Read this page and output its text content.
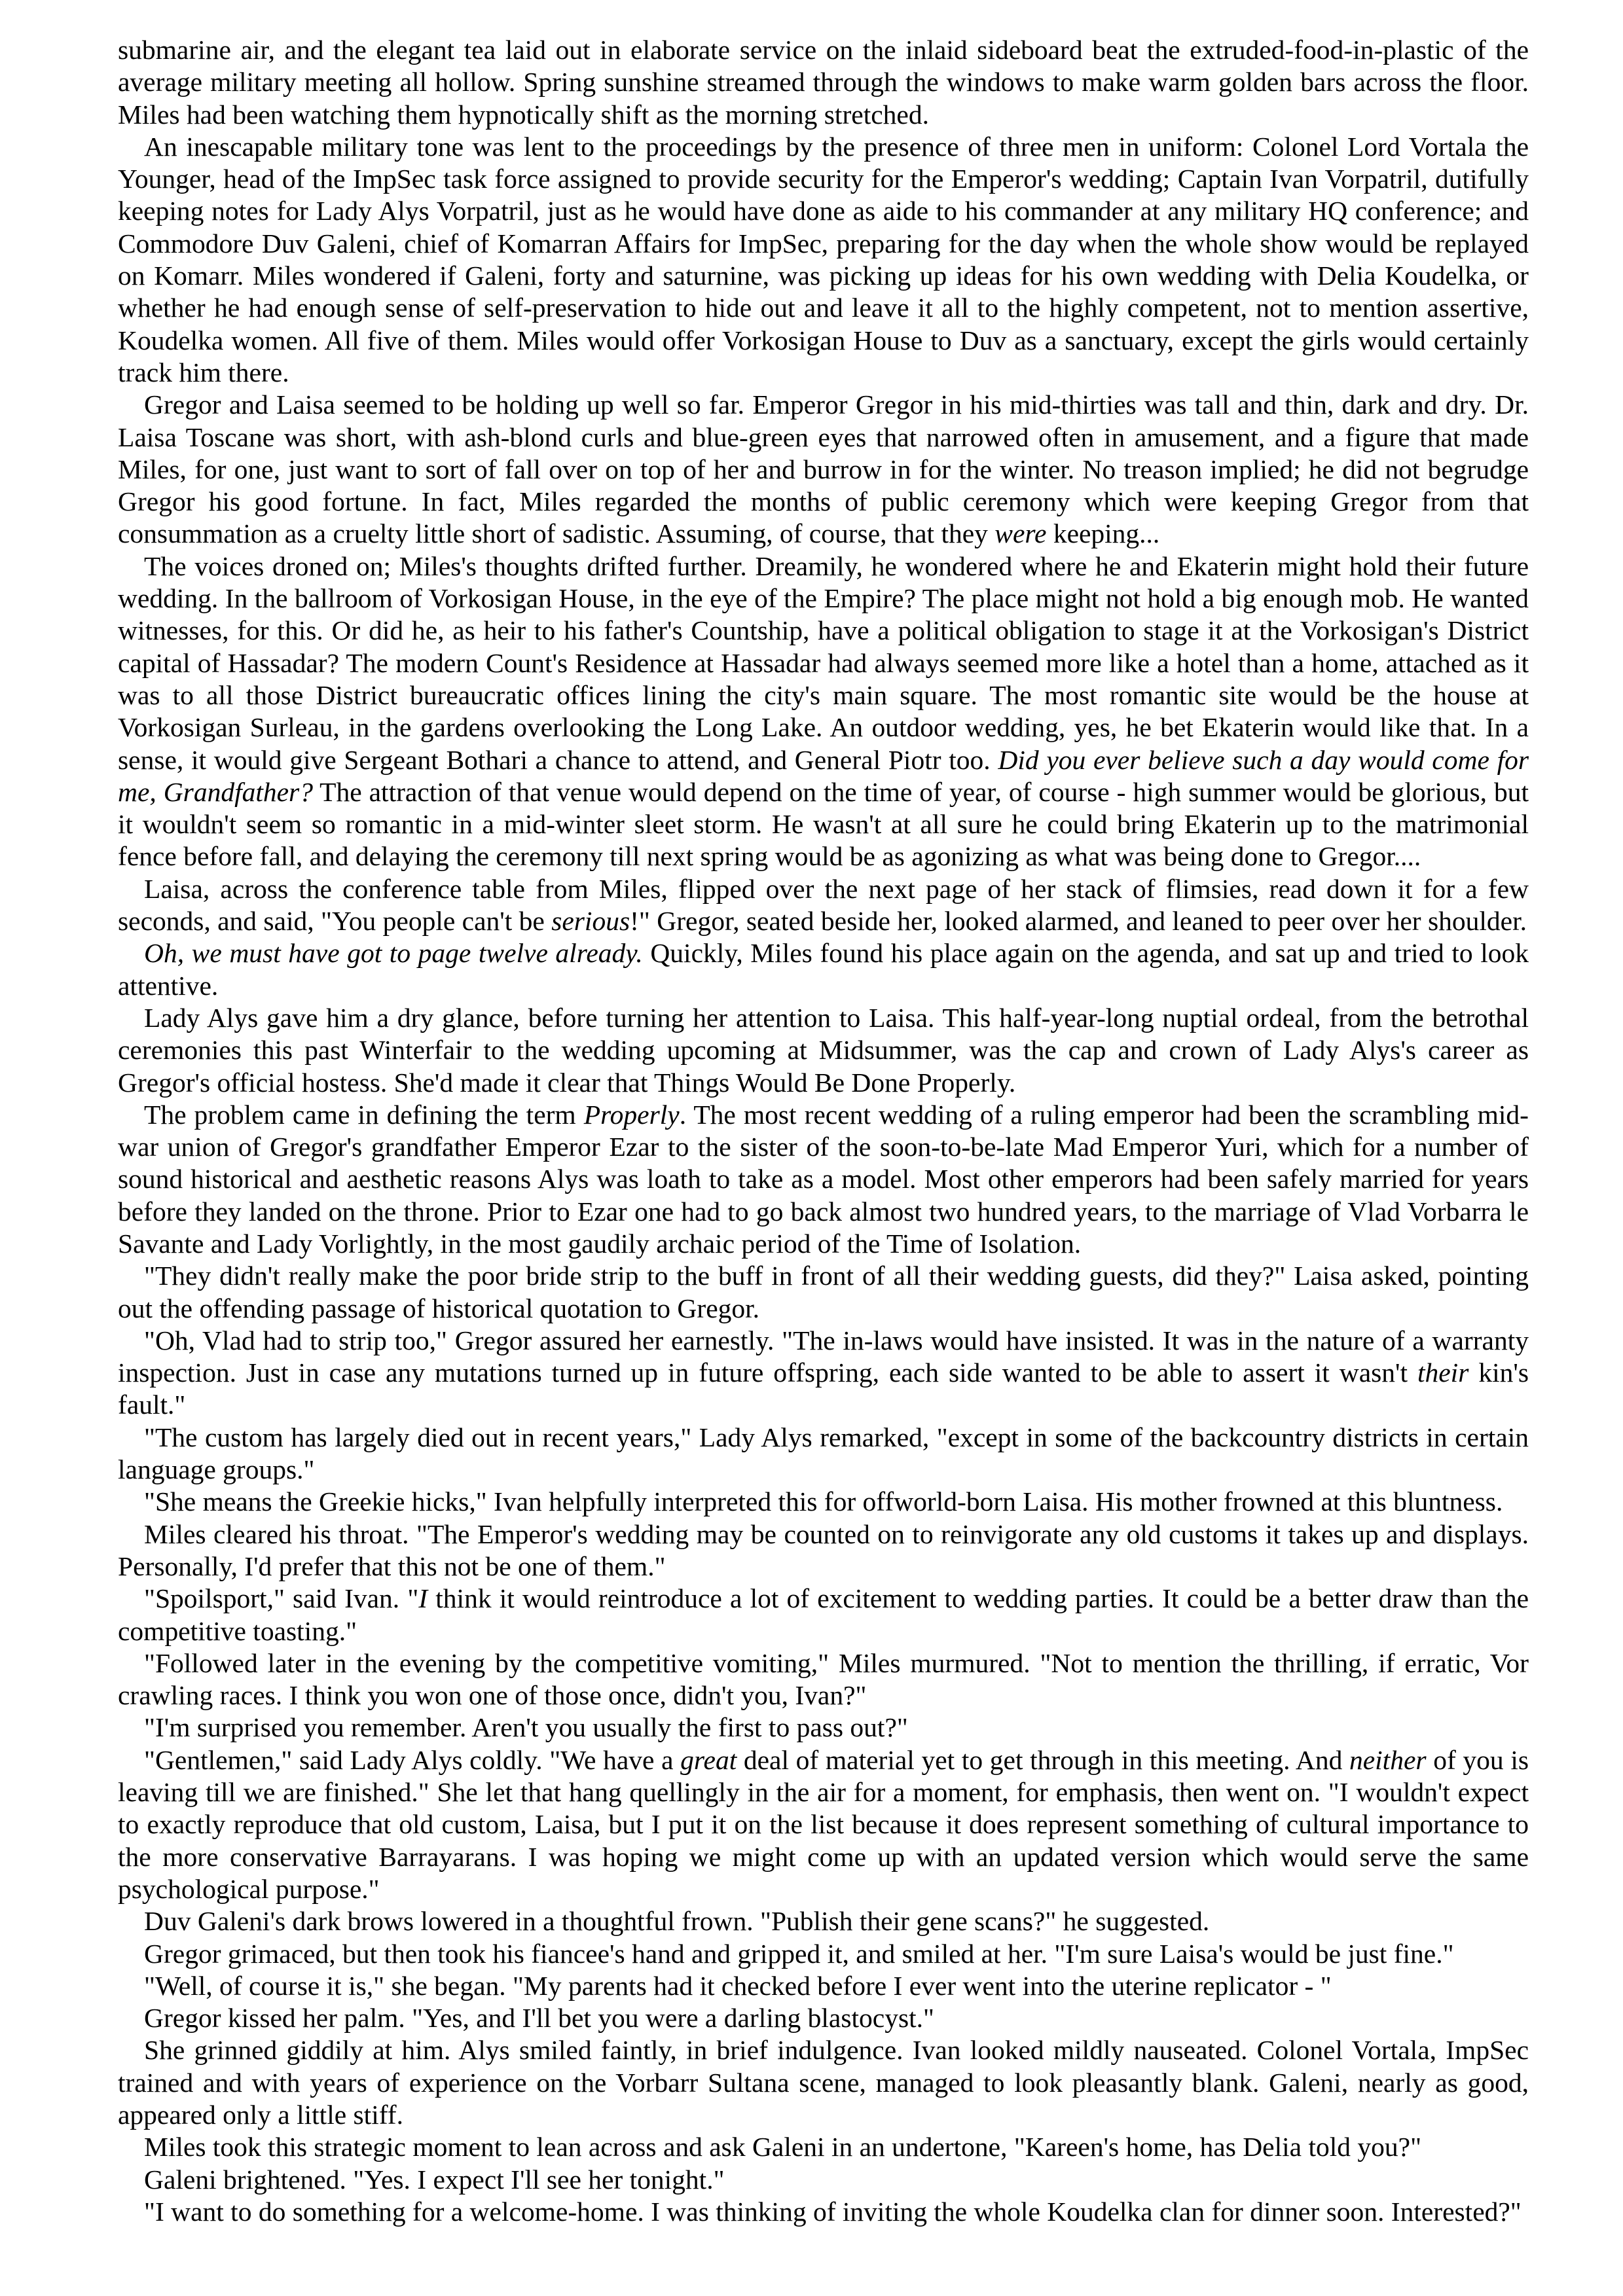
submarine air, and the elegant tea laid out in elaborate service on the inlaid sideboard beat the extruded-food-in-plastic of the average military meeting all hollow. Spring sunshine streamed through the windows to make warm golden bars across the floor. Miles had been watching them hypnotically shift as the morning stretched.

An inescapable military tone was lent to the proceedings by the presence of three men in uniform: Colonel Lord Vortala the Younger, head of the ImpSec task force assigned to provide security for the Emperor's wedding; Captain Ivan Vorpatril, dutifully keeping notes for Lady Alys Vorpatril, just as he would have done as aide to his commander at any military HQ conference; and Commodore Duv Galeni, chief of Komarran Affairs for ImpSec, preparing for the day when the whole show would be replayed on Komarr. Miles wondered if Galeni, forty and saturnine, was picking up ideas for his own wedding with Delia Koudelka, or whether he had enough sense of self-preservation to hide out and leave it all to the highly competent, not to mention assertive, Koudelka women. All five of them. Miles would offer Vorkosigan House to Duv as a sanctuary, except the girls would certainly track him there.

Gregor and Laisa seemed to be holding up well so far. Emperor Gregor in his mid-thirties was tall and thin, dark and dry. Dr. Laisa Toscane was short, with ash-blond curls and blue-green eyes that narrowed often in amusement, and a figure that made Miles, for one, just want to sort of fall over on top of her and burrow in for the winter. No treason implied; he did not begrudge Gregor his good fortune. In fact, Miles regarded the months of public ceremony which were keeping Gregor from that consummation as a cruelty little short of sadistic. Assuming, of course, that they were keeping...

The voices droned on; Miles's thoughts drifted further. Dreamily, he wondered where he and Ekaterin might hold their future wedding. In the ballroom of Vorkosigan House, in the eye of the Empire? The place might not hold a big enough mob. He wanted witnesses, for this. Or did he, as heir to his father's Countship, have a political obligation to stage it at the Vorkosigan's District capital of Hassadar? The modern Count's Residence at Hassadar had always seemed more like a hotel than a home, attached as it was to all those District bureaucratic offices lining the city's main square. The most romantic site would be the house at Vorkosigan Surleau, in the gardens overlooking the Long Lake. An outdoor wedding, yes, he bet Ekaterin would like that. In a sense, it would give Sergeant Bothari a chance to attend, and General Piotr too. Did you ever believe such a day would come for me, Grandfather? The attraction of that venue would depend on the time of year, of course - high summer would be glorious, but it wouldn't seem so romantic in a mid-winter sleet storm. He wasn't at all sure he could bring Ekaterin up to the matrimonial fence before fall, and delaying the ceremony till next spring would be as agonizing as what was being done to Gregor....

Laisa, across the conference table from Miles, flipped over the next page of her stack of flimsies, read down it for a few seconds, and said, "You people can't be serious!" Gregor, seated beside her, looked alarmed, and leaned to peer over her shoulder.

Oh, we must have got to page twelve already. Quickly, Miles found his place again on the agenda, and sat up and tried to look attentive.

Lady Alys gave him a dry glance, before turning her attention to Laisa. This half-year-long nuptial ordeal, from the betrothal ceremonies this past Winterfair to the wedding upcoming at Midsummer, was the cap and crown of Lady Alys's career as Gregor's official hostess. She'd made it clear that Things Would Be Done Properly.

The problem came in defining the term Properly. The most recent wedding of a ruling emperor had been the scrambling mid-war union of Gregor's grandfather Emperor Ezar to the sister of the soon-to-be-late Mad Emperor Yuri, which for a number of sound historical and aesthetic reasons Alys was loath to take as a model. Most other emperors had been safely married for years before they landed on the throne. Prior to Ezar one had to go back almost two hundred years, to the marriage of Vlad Vorbarra le Savante and Lady Vorlightly, in the most gaudily archaic period of the Time of Isolation.

"They didn't really make the poor bride strip to the buff in front of all their wedding guests, did they?" Laisa asked, pointing out the offending passage of historical quotation to Gregor.

"Oh, Vlad had to strip too," Gregor assured her earnestly. "The in-laws would have insisted. It was in the nature of a warranty inspection. Just in case any mutations turned up in future offspring, each side wanted to be able to assert it wasn't their kin's fault."

"The custom has largely died out in recent years," Lady Alys remarked, "except in some of the backcountry districts in certain language groups."

"She means the Greekie hicks," Ivan helpfully interpreted this for offworld-born Laisa. His mother frowned at this bluntness.

Miles cleared his throat. "The Emperor's wedding may be counted on to reinvigorate any old customs it takes up and displays. Personally, I'd prefer that this not be one of them."

"Spoilsport," said Ivan. "I think it would reintroduce a lot of excitement to wedding parties. It could be a better draw than the competitive toasting."

"Followed later in the evening by the competitive vomiting," Miles murmured. "Not to mention the thrilling, if erratic, Vor crawling races. I think you won one of those once, didn't you, Ivan?"

"I'm surprised you remember. Aren't you usually the first to pass out?"

"Gentlemen," said Lady Alys coldly. "We have a great deal of material yet to get through in this meeting. And neither of you is leaving till we are finished." She let that hang quellingly in the air for a moment, for emphasis, then went on. "I wouldn't expect to exactly reproduce that old custom, Laisa, but I put it on the list because it does represent something of cultural importance to the more conservative Barrayarans. I was hoping we might come up with an updated version which would serve the same psychological purpose."

Duv Galeni's dark brows lowered in a thoughtful frown. "Publish their gene scans?" he suggested.

Gregor grimaced, but then took his fiancee's hand and gripped it, and smiled at her. "I'm sure Laisa's would be just fine."

"Well, of course it is," she began. "My parents had it checked before I ever went into the uterine replicator - "

Gregor kissed her palm. "Yes, and I'll bet you were a darling blastocyst."

She grinned giddily at him. Alys smiled faintly, in brief indulgence. Ivan looked mildly nauseated. Colonel Vortala, ImpSec trained and with years of experience on the Vorbarr Sultana scene, managed to look pleasantly blank. Galeni, nearly as good, appeared only a little stiff.

Miles took this strategic moment to lean across and ask Galeni in an undertone, "Kareen's home, has Delia told you?"

Galeni brightened. "Yes. I expect I'll see her tonight."

"I want to do something for a welcome-home. I was thinking of inviting the whole Koudelka clan for dinner soon. Interested?"
